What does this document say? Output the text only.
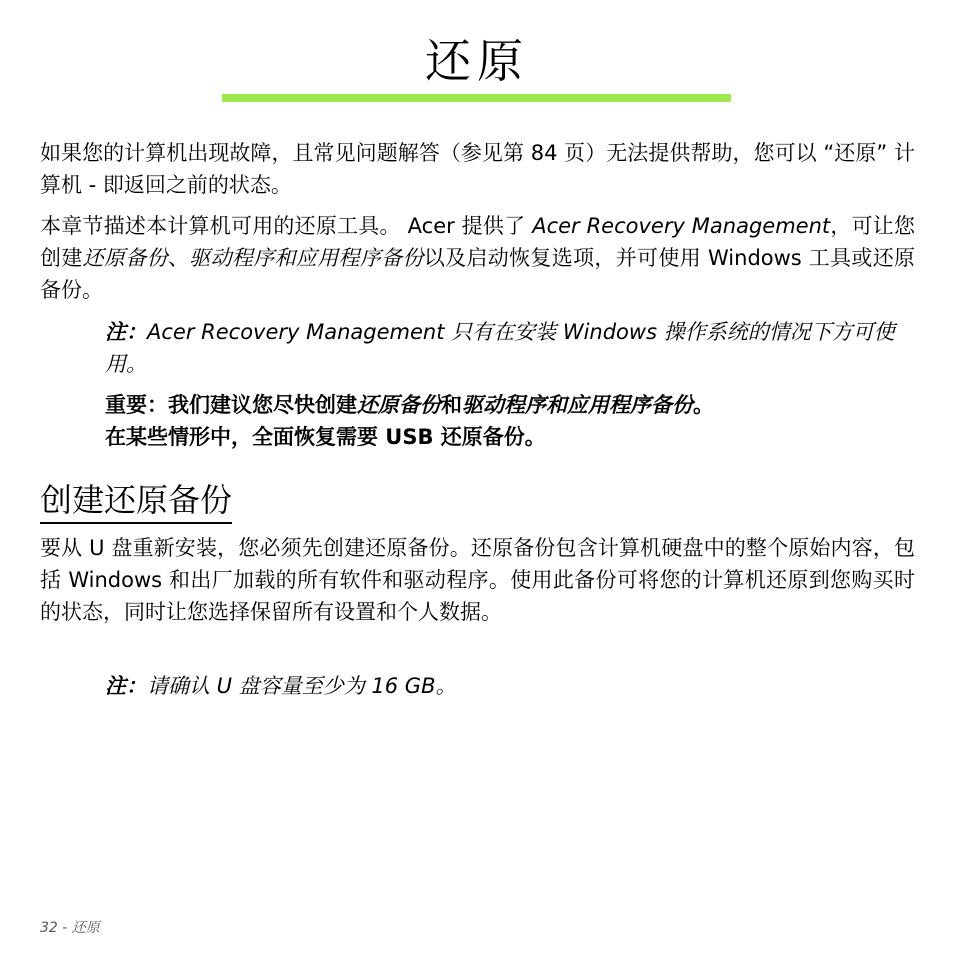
还原

如果您的计算机出现故障，且常见问题解答（参见第 84 页）无法提供帮助，您可以 “还原” 计算机 - 即返回之前的状态。

本章节描述本计算机可用的还原工具。 Acer 提供了 Acer Recovery Management，可让您创建还原备份、驱动程序和应用程序备份以及启动恢复选项，并可使用 Windows 工具或还原备份。

注：Acer Recovery Management 只有在安装 Windows 操作系统的情况下方可使用。

重要：我们建议您尽快创建还原备份和驱动程序和应用程序备份。
在某些情形中，全面恢复需要 USB 还原备份。

创建还原备份

要从 U 盘重新安装，您必须先创建还原备份。还原备份包含计算机硬盘中的整个原始内容，包括 Windows 和出厂加载的所有软件和驱动程序。使用此备份可将您的计算机还原到您购买时的状态，同时让您选择保留所有设置和个人数据。

注：请确认 U 盘容量至少为 16 GB。

32 - 还原
